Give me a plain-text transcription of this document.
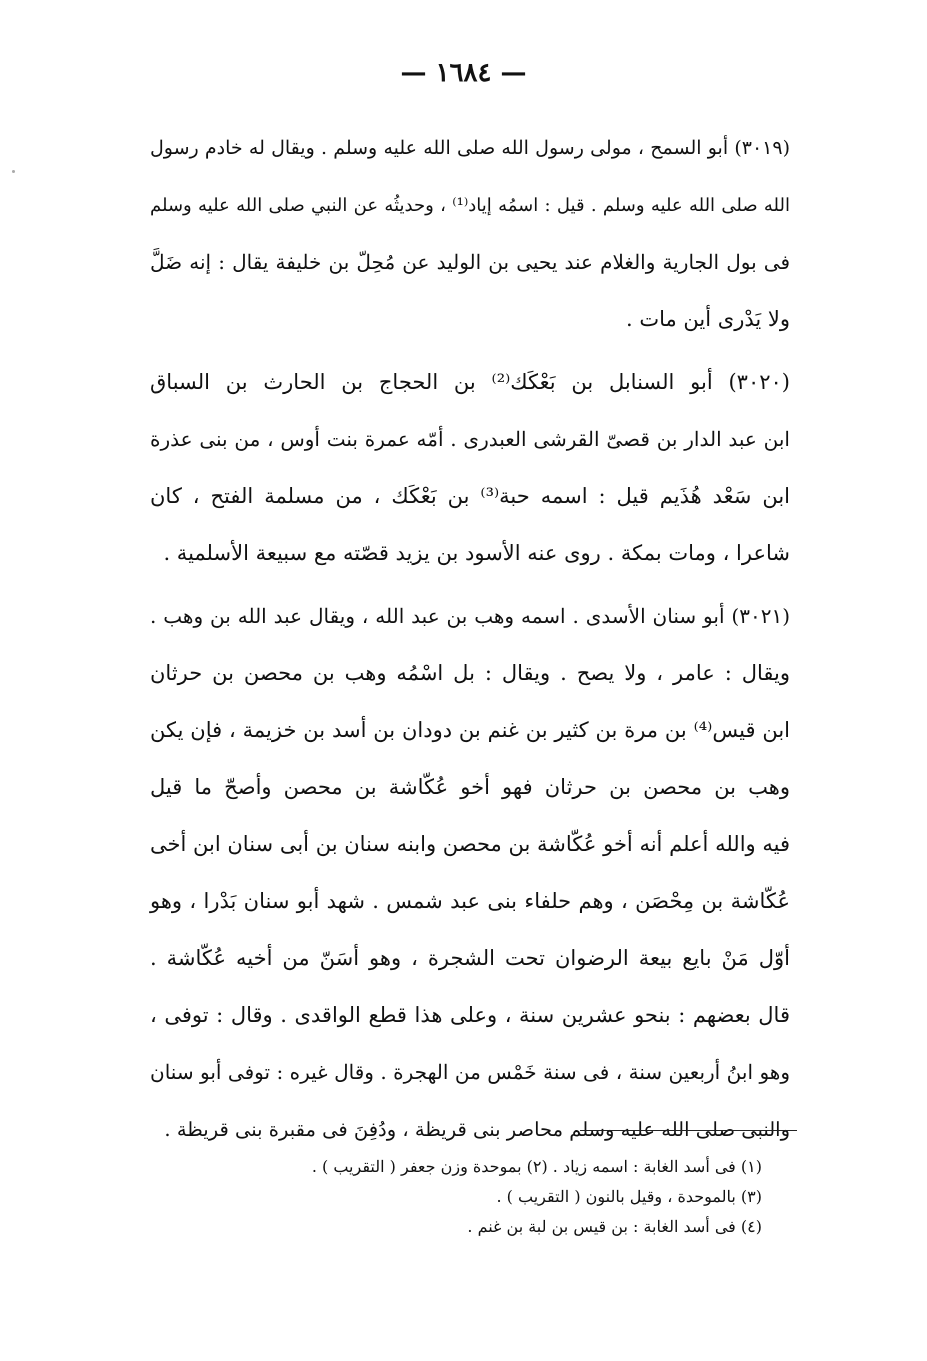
— ١٦٨٤ —
(٣٠١٩) أبو السمح ، مولى رسول الله صلى الله عليه وسلم . ويقال له خادم رسول
الله صلى الله عليه وسلم . قيل : اسمُه إياد⁽¹⁾ ، وحديثُه عن النبي صلى الله عليه وسلم
فى بول الجارية والغلام عند يحيى بن الوليد عن مُحِلّ بن خليفة يقال : إنه ضَلَّ
ولا يَدْرى أين مات .
(٣٠٢٠) أبو السنابل بن بَعْكَك⁽²⁾ بن الحجاج بن الحارث بن السباق
ابن عبد الدار بن قصىّ القرشى العبدرى . أمّه عمرة بنت أوس ، من بنى عذرة
ابن سَعْد هُذَيم قيل : اسمه حبة⁽³⁾ بن بَعْكَك ، من مسلمة الفتح ، كان
شاعرا ، ومات بمكة . روى عنه الأسود بن يزيد قصّته مع سبيعة الأسلمية .
(٣٠٢١) أبو سنان الأسدى . اسمه وهب بن عبد الله ، ويقال عبد الله بن وهب .
ويقال : عامر ، ولا يصح . ويقال : بل اسْمُه وهب بن محصن بن حرثان
ابن قيس⁽⁴⁾ بن مرة بن كثير بن غنم بن دودان بن أسد بن خزيمة ، فإن يكن
وهب بن محصن بن حرثان فهو أخو عُكّاشة بن محصن وأصحّ ما قيل
فيه والله أعلم أنه أخو عُكّاشة بن محصن وابنه سنان بن أبى سنان ابن أخى
عُكّاشة بن مِحْصَن ، وهم حلفاء بنى عبد شمس . شهد أبو سنان بَدْرا ، وهو
أوّل مَنْ بايع بيعة الرضوان تحت الشجرة ، وهو أسَنّ من أخيه عُكّاشة .
قال بعضهم : بنحو عشرين سنة ، وعلى هذا قطع الواقدى . وقال : توفى ،
وهو ابنُ أربعين سنة ، فى سنة خَمْس من الهجرة . وقال غيره : توفى أبو سنان
والنبى صلى الله عليه وسلم محاصر بنى قريظة ، ودُفِنَ فى مقبرة بنى قريظة .
(١) فى أسد الغابة : اسمه زياد . (٢) بموحدة وزن جعفر ( التقريب ) .
(٣) بالموحدة ، وقيل بالنون ( التقريب ) .
(٤) فى أسد الغابة : بن قيس بن لبة بن غنم .
